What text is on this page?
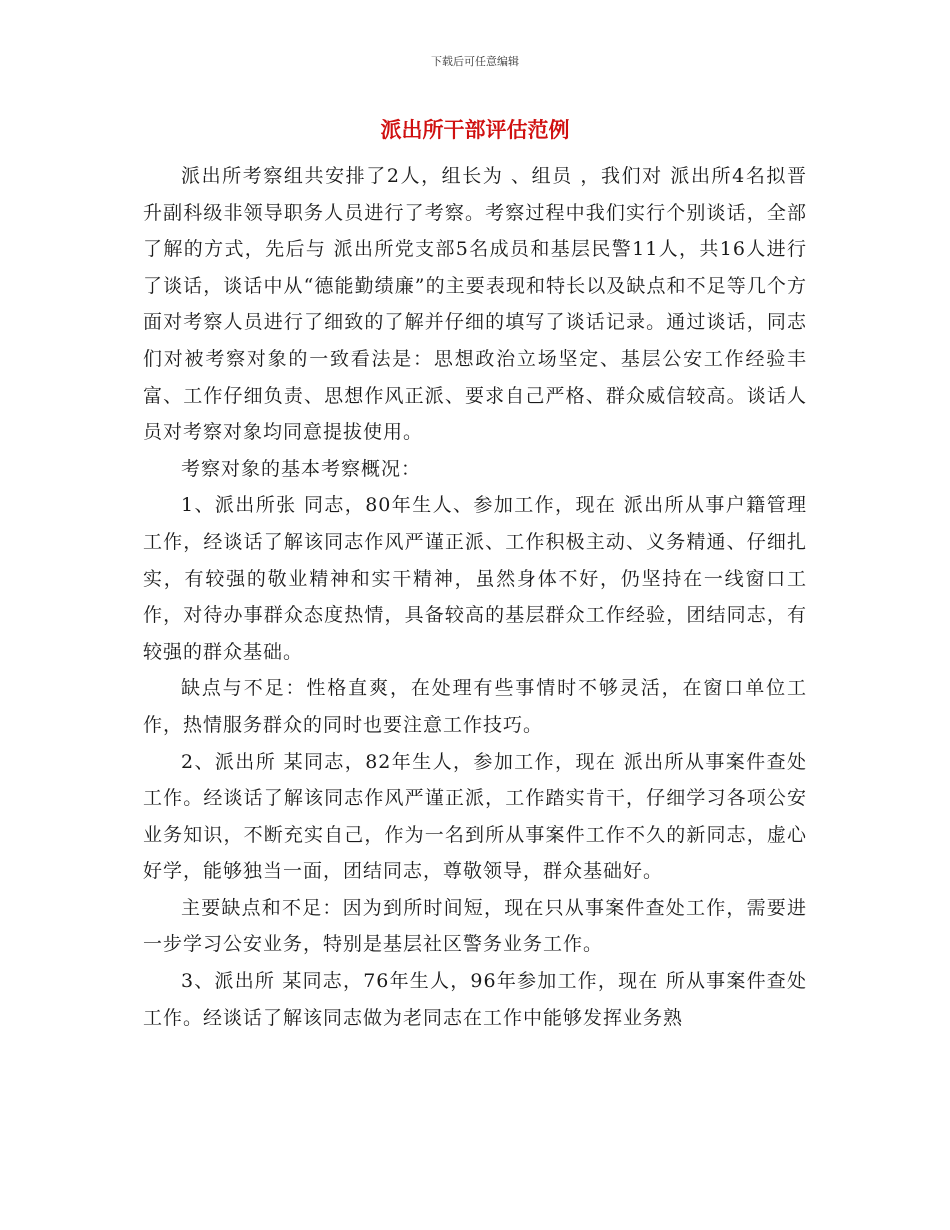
下载后可任意编辑
派出所干部评估范例

派出所考察组共安排了2人，组长为 、组员 ，我们对 派出所4名拟晋升副科级非领导职务人员进行了考察。考察过程中我们实行个别谈话，全部了解的方式，先后与 派出所党支部5名成员和基层民警11人，共16人进行了谈话，谈话中从“德能勤绩廉”的主要表现和特长以及缺点和不足等几个方面对考察人员进行了细致的了解并仔细的填写了谈话记录。通过谈话，同志们对被考察对象的一致看法是：思想政治立场坚定、基层公安工作经验丰富、工作仔细负责、思想作风正派、要求自己严格、群众威信较高。谈话人员对考察对象均同意提拔使用。

考察对象的基本考察概况：

1、派出所张 同志，80年生人、参加工作，现在 派出所从事户籍管理工作，经谈话了解该同志作风严谨正派、工作积极主动、义务精通、仔细扎实，有较强的敬业精神和实干精神，虽然身体不好，仍坚持在一线窗口工作，对待办事群众态度热情，具备较高的基层群众工作经验，团结同志，有较强的群众基础。

缺点与不足：性格直爽，在处理有些事情时不够灵活，在窗口单位工作，热情服务群众的同时也要注意工作技巧。

2、派出所 某同志，82年生人，参加工作，现在 派出所从事案件查处工作。经谈话了解该同志作风严谨正派，工作踏实肯干，仔细学习各项公安业务知识，不断充实自己，作为一名到所从事案件工作不久的新同志，虚心好学，能够独当一面，团结同志，尊敬领导，群众基础好。

主要缺点和不足：因为到所时间短，现在只从事案件查处工作，需要进一步学习公安业务，特别是基层社区警务业务工作。

3、派出所 某同志，76年生人，96年参加工作，现在 所从事案件查处工作。经谈话了解该同志做为老同志在工作中能够发挥业务熟
